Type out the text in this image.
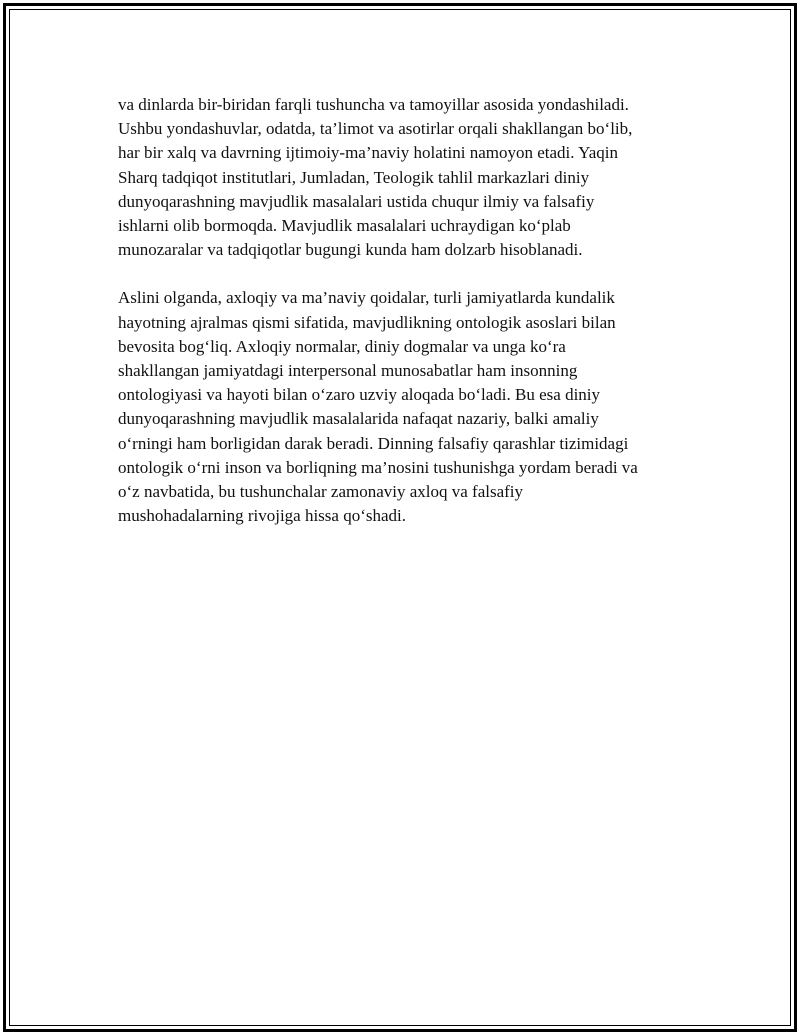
va dinlarda bir-biridan farqli tushuncha va tamoyillar asosida yondashiladi.
Ushbu yondashuvlar, odatda, ta’limot va asotirlar orqali shakllangan bo‘lib,
har bir xalq va davrning ijtimoiy-ma’naviy holatini namoyon etadi. Yaqin
Sharq tadqiqot institutlari, Jumladan, Teologik tahlil markazlari diniy
dunyoqarashning mavjudlik masalalari ustida chuqur ilmiy va falsafiy
ishlarni olib bormoqda. Mavjudlik masalalari uchraydigan ko‘plab
munozaralar va tadqiqotlar bugungi kunda ham dolzarb hisoblanadi.

Aslini olganda, axloqiy va ma’naviy qoidalar, turli jamiyatlarda kundalik
hayotning ajralmas qismi sifatida, mavjudlikning ontologik asoslari bilan
bevosita bog‘liq. Axloqiy normalar, diniy dogmalar va unga ko‘ra
shakllangan jamiyatdagi interpersonal munosabatlar ham insonning
ontologiyasi va hayoti bilan o‘zaro uzviy aloqada bo‘ladi. Bu esa diniy
dunyoqarashning mavjudlik masalalarida nafaqat nazariy, balki amaliy
o‘rningi ham borligidan darak beradi. Dinning falsafiy qarashlar tizimidagi
ontologik o‘rni inson va borliqning ma’nosini tushunishga yordam beradi va
o‘z navbatida, bu tushunchalar zamonaviy axloq va falsafiy
mushohadalarning rivojiga hissa qo‘shadi.
